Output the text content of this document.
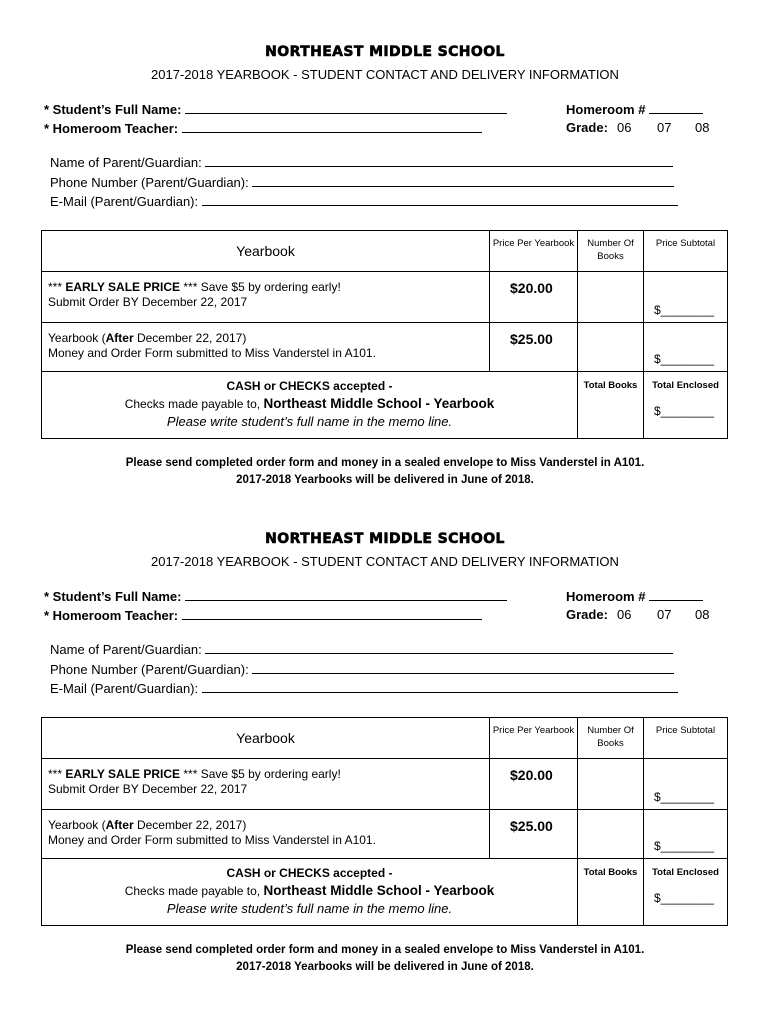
NORTHEAST MIDDLE SCHOOL
2017-2018 YEARBOOK - STUDENT CONTACT AND DELIVERY INFORMATION
* Student’s Full Name:
* Homeroom Teacher:
Homeroom #
Grade: 06 07 08
Name of Parent/Guardian:
Phone Number (Parent/Guardian):
E-Mail (Parent/Guardian):
Yearbook	Price Per Yearbook	Number Of Books	Price Subtotal
*** EARLY SALE PRICE *** Save $5 by ordering early!
Submit Order BY December 22, 2017	$20.00		$________
Yearbook (After December 22, 2017)
Money and Order Form submitted to Miss Vanderstel in A101.	$25.00		$________
CASH or CHECKS accepted -
Checks made payable to, Northeast Middle School - Yearbook
Please write student’s full name in the memo line.		Total Books	Total Enclosed
$________
Please send completed order form and money in a sealed envelope to Miss Vanderstel in A101.
2017-2018 Yearbooks will be delivered in June of 2018.
NORTHEAST MIDDLE SCHOOL
2017-2018 YEARBOOK - STUDENT CONTACT AND DELIVERY INFORMATION
* Student’s Full Name:
* Homeroom Teacher:
Homeroom #
Grade: 06 07 08
Name of Parent/Guardian:
Phone Number (Parent/Guardian):
E-Mail (Parent/Guardian):
Yearbook	Price Per Yearbook	Number Of Books	Price Subtotal
*** EARLY SALE PRICE *** Save $5 by ordering early!
Submit Order BY December 22, 2017	$20.00		$________
Yearbook (After December 22, 2017)
Money and Order Form submitted to Miss Vanderstel in A101.	$25.00		$________
CASH or CHECKS accepted -
Checks made payable to, Northeast Middle School - Yearbook
Please write student’s full name in the memo line.		Total Books	Total Enclosed
$________
Please send completed order form and money in a sealed envelope to Miss Vanderstel in A101.
2017-2018 Yearbooks will be delivered in June of 2018.
